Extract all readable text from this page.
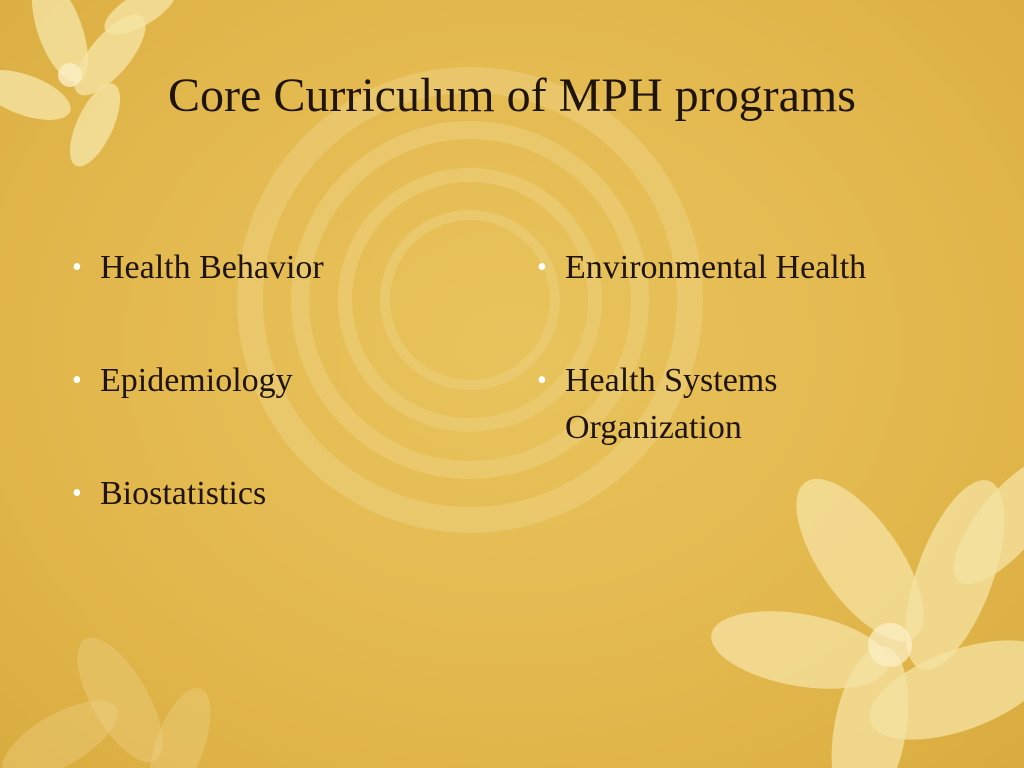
Core Curriculum of MPH programs
• Health Behavior
• Epidemiology
• Biostatistics
• Environmental Health
• Health Systems Organization
